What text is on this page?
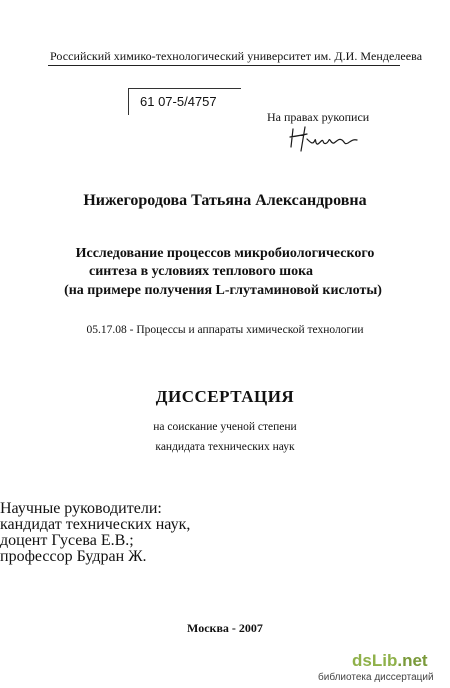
Российский химико-технологический университет им. Д.И. Менделеева
61 07-5/4757
На правах рукописи
Нижегородова Татьяна Александровна
Исследование процессов микробиологического
синтеза в условиях теплового шока
(на примере получения L-глутаминовой кислоты)
05.17.08 - Процессы и аппараты химической технологии
ДИССЕРТАЦИЯ
на соискание ученой степени
кандидата технических наук
Научные руководители:
кандидат технических наук,
доцент Гусева Е.В.;
профессор Будран Ж.
Москва - 2007
dsLib.net
библиотека диссертаций
